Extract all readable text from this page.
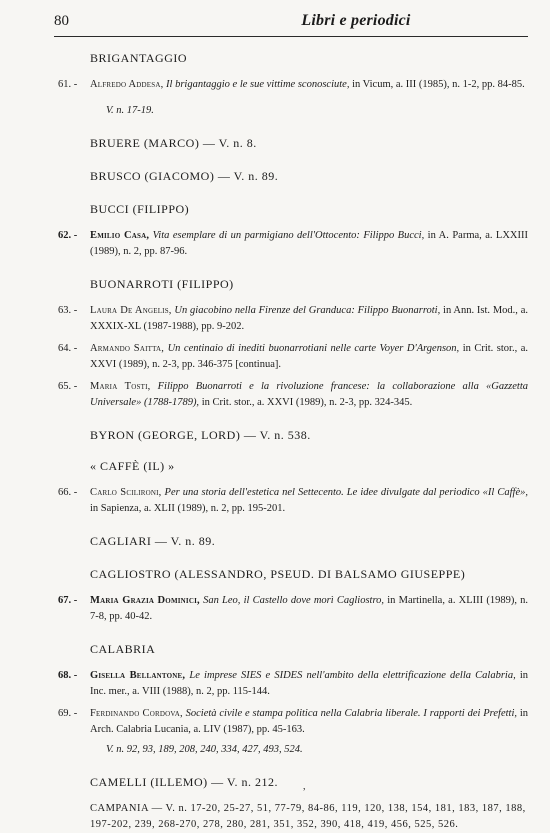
80	Libri e periodici
BRIGANTAGGIO
61. - Alfredo Addesa, Il brigantaggio e le sue vittime sconosciute, in Vicum, a. III (1985), n. 1-2, pp. 84-85.
V. n. 17-19.
BRUERE (MARCO) — V. n. 8.
BRUSCO (GIACOMO) — V. n. 89.
BUCCI (FILIPPO)
62. - Emilio Casa, Vita esemplare di un parmigiano dell'Ottocento: Filippo Bucci, in A. Parma, a. LXXIII (1989), n. 2, pp. 87-96.
BUONARROTI (FILIPPO)
63. - Laura De Angelis, Un giacobino nella Firenze del Granduca: Filippo Buonarroti, in Ann. Ist. Mod., a. XXXIX-XL (1987-1988), pp. 9-202.
64. - Armando Saitta, Un centinaio di inediti buonarrotiani nelle carte Voyer D'Argenson, in Crit. stor., a. XXVI (1989), n. 2-3, pp. 346-375 [continua].
65. - Maria Tosti, Filippo Buonarroti e la rivoluzione francese: la collaborazione alla «Gazzetta Universale» (1788-1789), in Crit. stor., a. XXVI (1989), n. 2-3, pp. 324-345.
BYRON (GEORGE, LORD) — V. n. 538.
« CAFFÈ (IL) »
66. - Carlo Scilironi, Per una storia dell'estetica nel Settecento. Le idee divulgate dal periodico «Il Caffè», in Sapienza, a. XLII (1989), n. 2, pp. 195-201.
CAGLIARI — V. n. 89.
CAGLIOSTRO (ALESSANDRO, PSEUD. DI BALSAMO GIUSEPPE)
67. - Maria Grazia Dominici, San Leo, il Castello dove morì Cagliostro, in Martinella, a. XLIII (1989), n. 7-8, pp. 40-42.
CALABRIA
68. - Gisella Bellantone, Le imprese SIES e SIDES nell'ambito della elettrificazione della Calabria, in Inc. mer., a. VIII (1988), n. 2, pp. 115-144.
69. - Ferdinando Cordova, Società civile e stampa politica nella Calabria liberale. I rapporti dei Prefetti, in Arch. Calabria Lucania, a. LIV (1987), pp. 45-163.
V. n. 92, 93, 189, 208, 240, 334, 427, 493, 524.
CAMELLI (ILLEMO) — V. n. 212.
CAMPANIA — V. n. 17-20, 25-27, 51, 77-79, 84-86, 119, 120, 138, 154, 181, 183, 187, 188, 197-202, 239, 268-270, 278, 280, 281, 351, 352, 390, 418, 419, 456, 525, 526.
,
